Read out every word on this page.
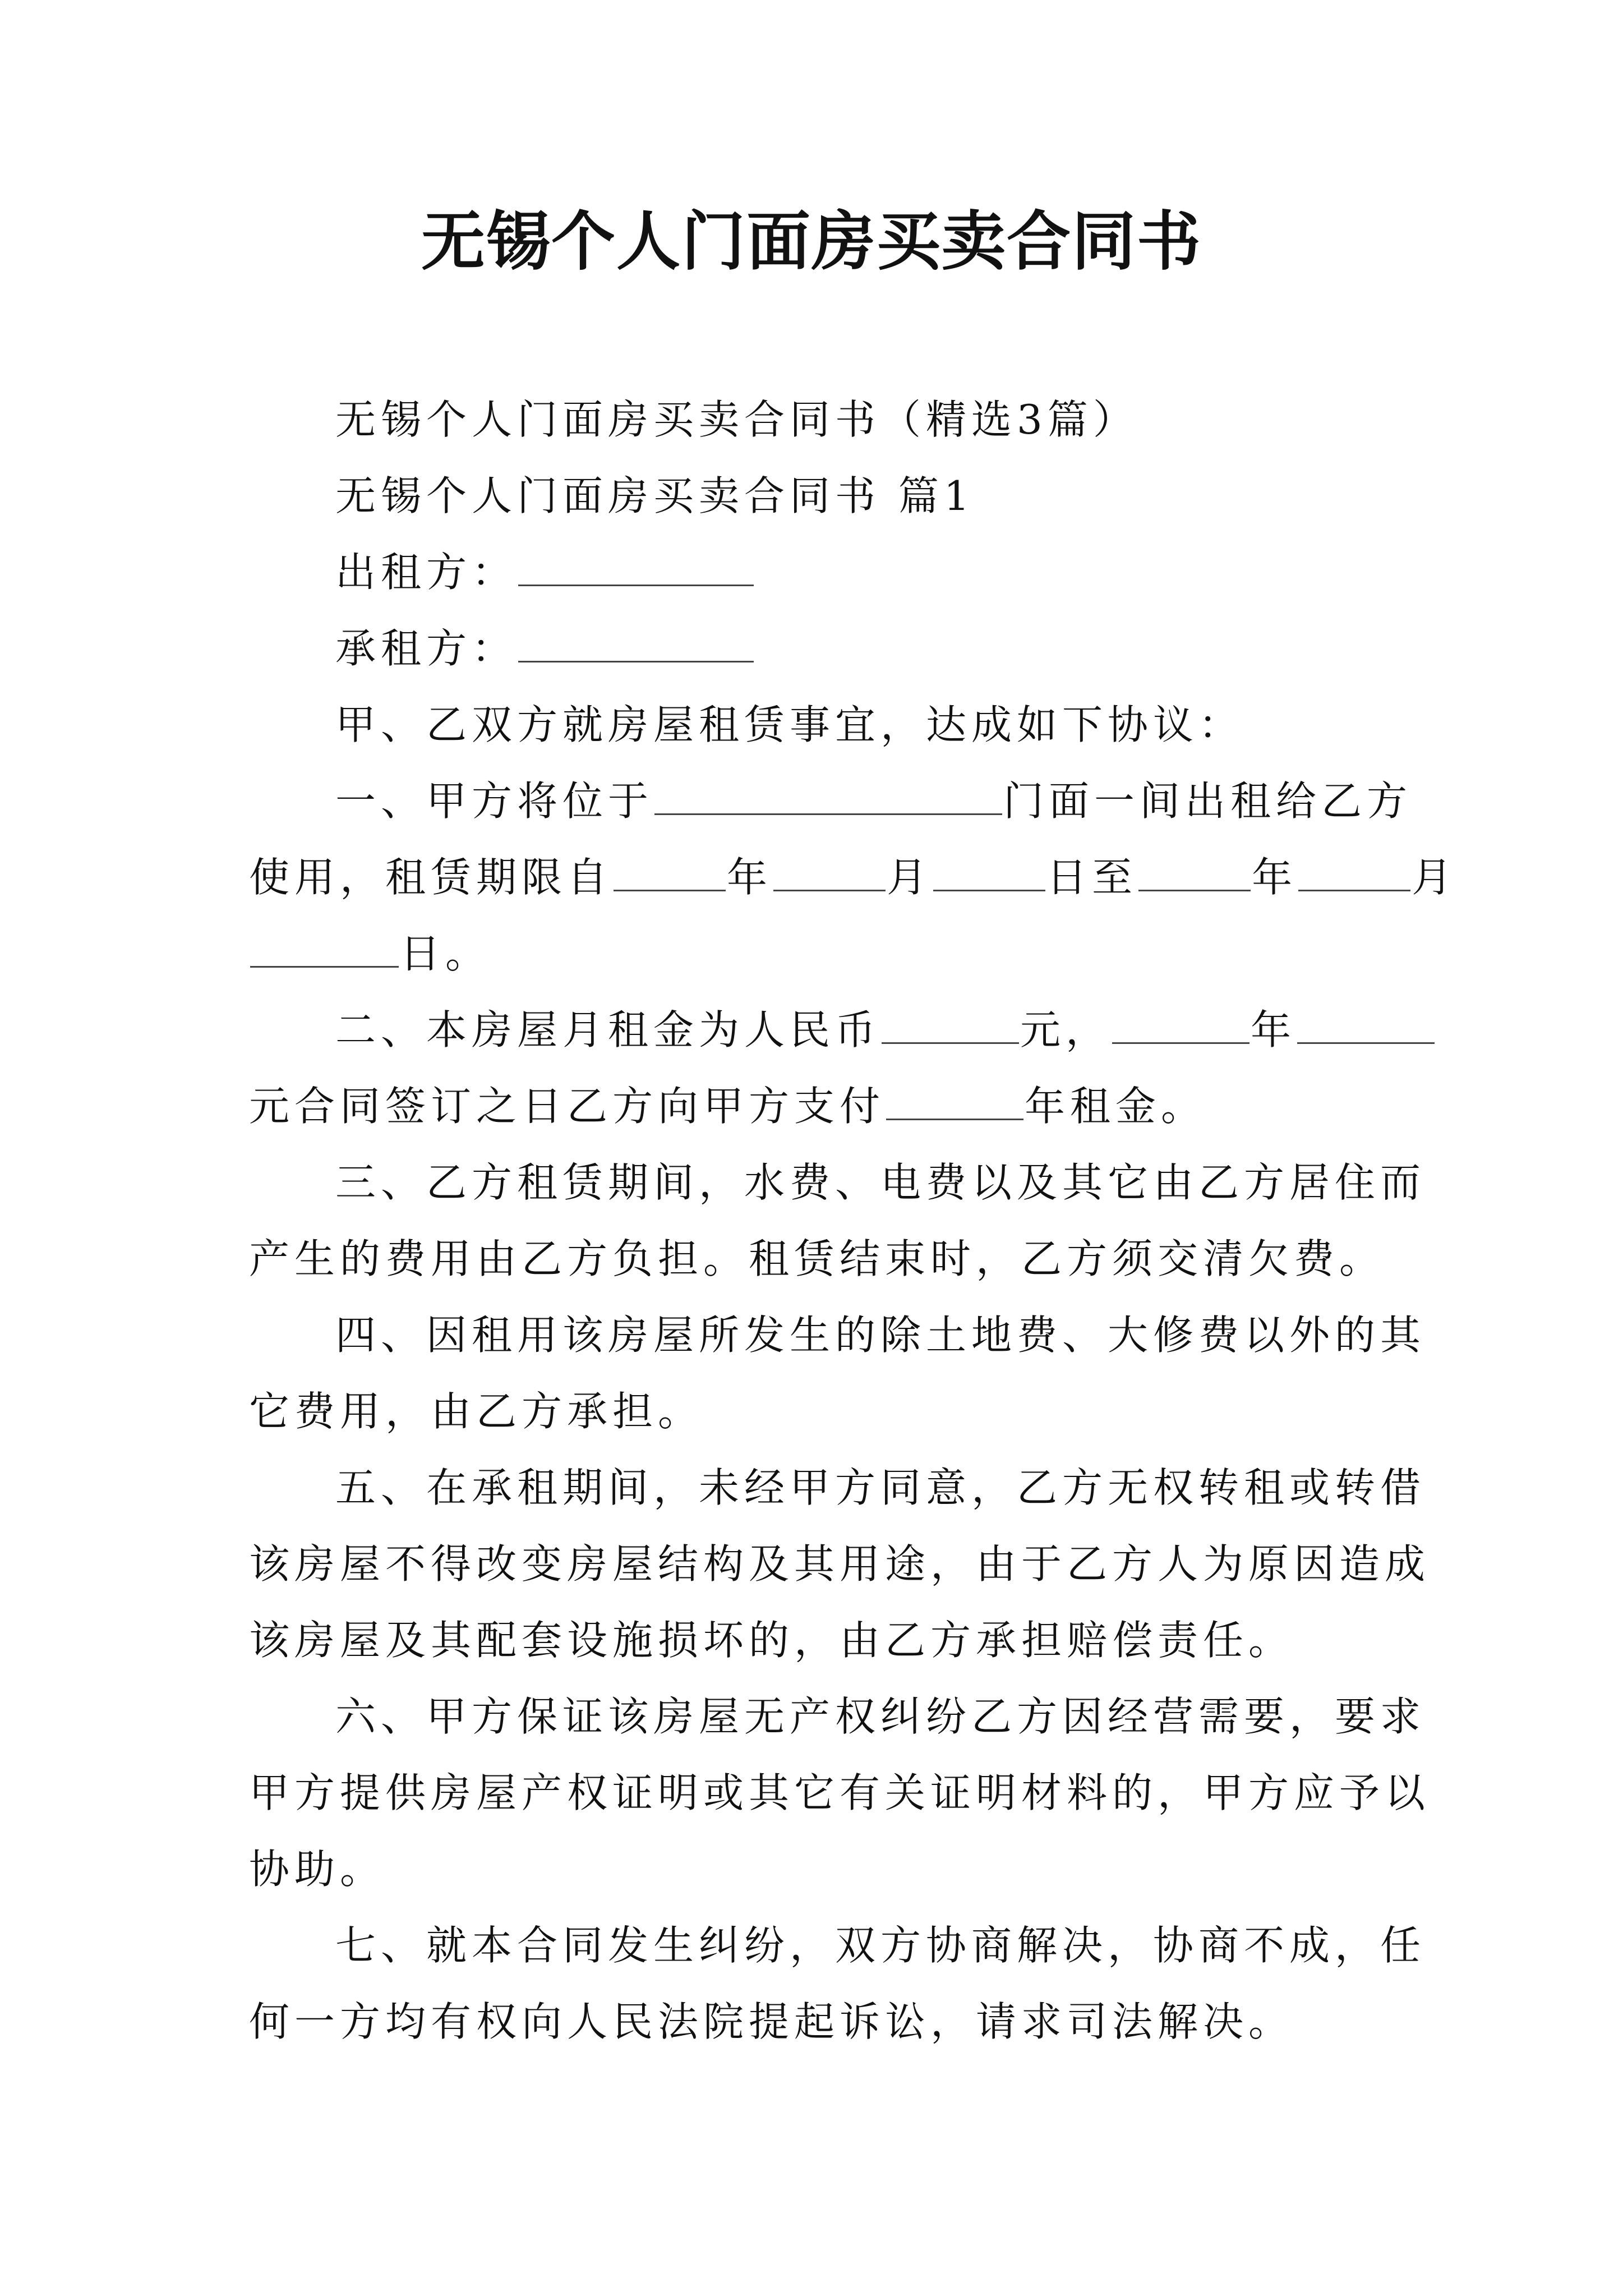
无锡个人门面房买卖合同书
无锡个人门面房买卖合同书（精选3篇）
无锡个人门面房买卖合同书 篇1
出租方：
承租方：
甲、乙双方就房屋租赁事宜，达成如下协议：
一、甲方将位于	门面一间出租给乙方
使用，租赁期限自	年	月	日至	年	月
日。
二、本房屋月租金为人民币	元，	年
元合同签订之日乙方向甲方支付	年租金。
三、乙方租赁期间，水费、电费以及其它由乙方居住而
产生的费用由乙方负担。租赁结束时，乙方须交清欠费。
四、因租用该房屋所发生的除土地费、大修费以外的其
它费用，由乙方承担。
五、在承租期间，未经甲方同意，乙方无权转租或转借
该房屋不得改变房屋结构及其用途，由于乙方人为原因造成
该房屋及其配套设施损坏的，由乙方承担赔偿责任。
六、甲方保证该房屋无产权纠纷乙方因经营需要，要求
甲方提供房屋产权证明或其它有关证明材料的，甲方应予以
协助。
七、就本合同发生纠纷，双方协商解决，协商不成，任
何一方均有权向人民法院提起诉讼，请求司法解决。
